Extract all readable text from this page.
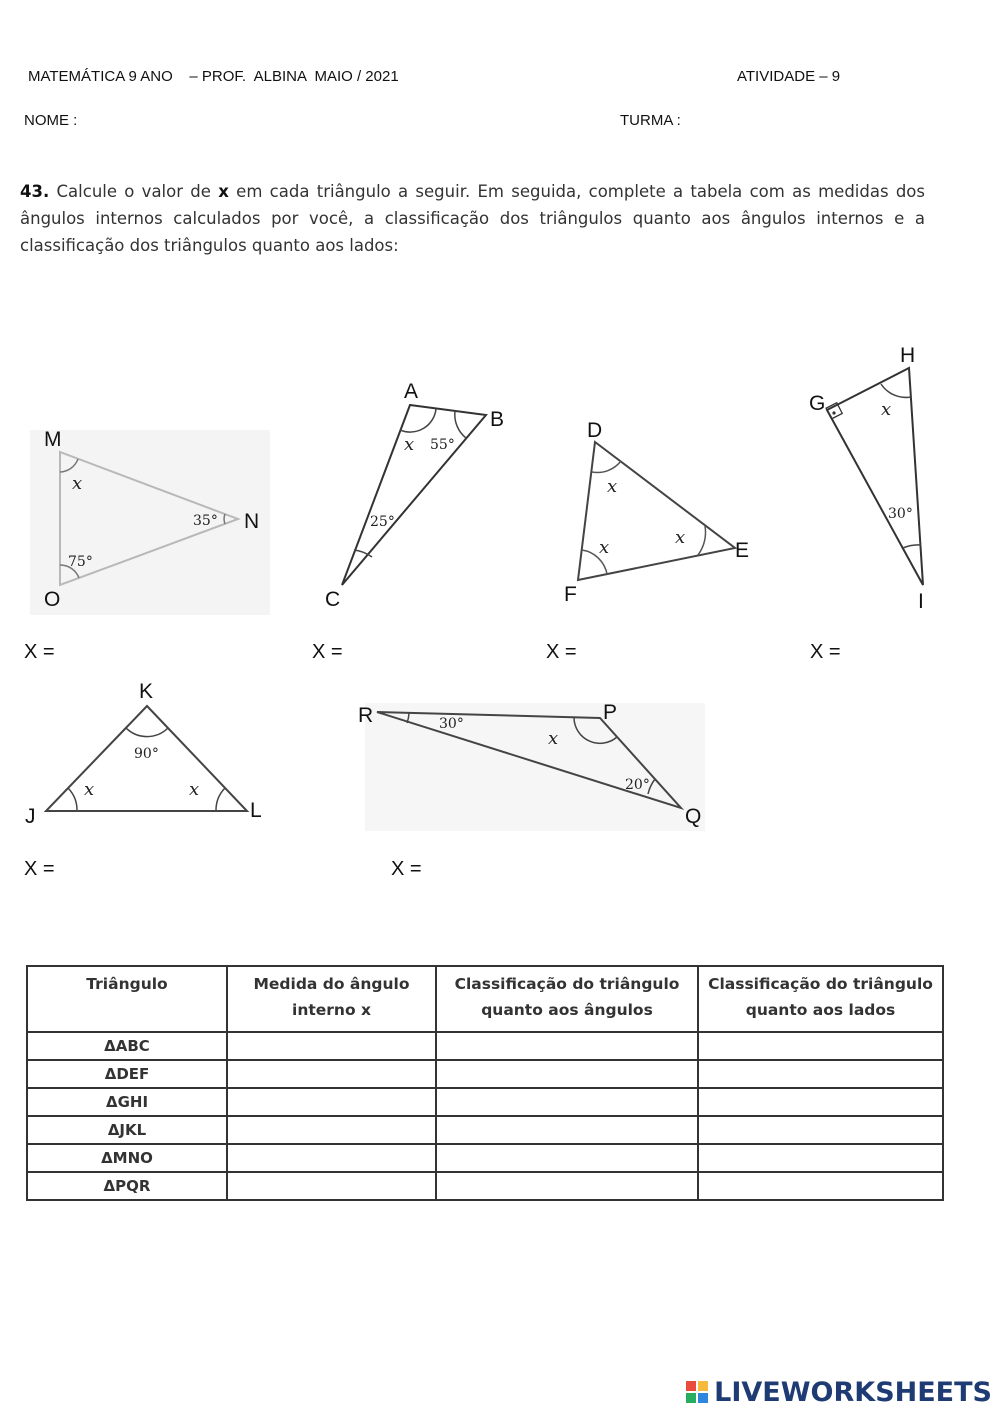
MATEMÁTICA 9 ANO    – PROF.  ALBINA  MAIO / 2021	ATIVIDADE – 9
NOME :	TURMA :
43. Calcule o valor de x em cada triângulo a seguir. Em seguida, complete a tabela com as medidas dos ângulos internos calculados por você, a classificação dos triângulos quanto aos ângulos internos e a classificação dos triângulos quanto aos lados:
M
N
O
x
35°
75°
A
B
C
x 55°
25°
D
E
F
x
x
x
H
G
I
x
30°
X =	X =	X =	X =
K
J	L
90°
x	x
R	P
Q
30°
x
20°
X =	X =
Triângulo	Medida do ângulo interno x	Classificação do triângulo quanto aos ângulos	Classificação do triângulo quanto aos lados
ΔABC			
ΔDEF			
ΔGHI			
ΔJKL			
ΔMNO			
ΔPQR			
LIVEWORKSHEETS
